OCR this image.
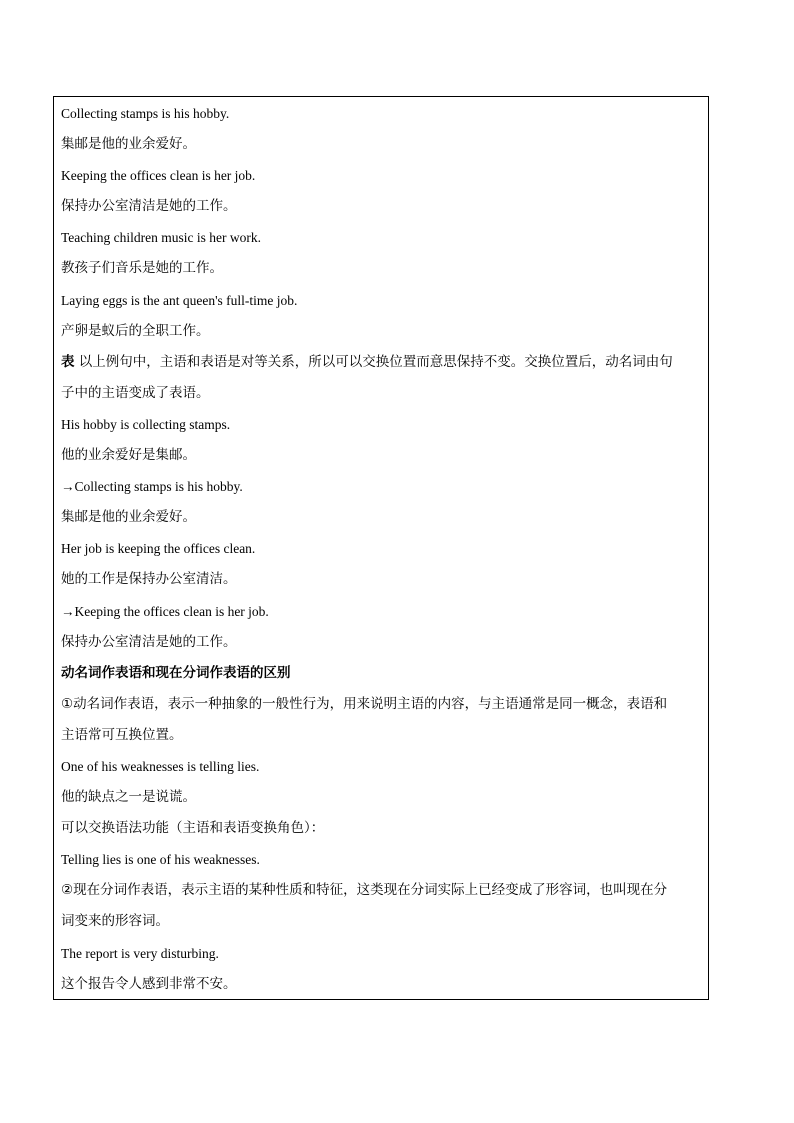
Collecting stamps is his hobby.
集邮是他的业余爱好。
Keeping the offices clean is her job.
保持办公室清洁是她的工作。
Teaching children music is her work.
教孩子们音乐是她的工作。
Laying eggs is the ant queen's full-time job.
产卵是蚁后的全职工作。
表 以上例句中，主语和表语是对等关系，所以可以交换位置而意思保持不变。交换位置后，动名词由句
子中的主语变成了表语。
His hobby is collecting stamps.
他的业余爱好是集邮。
→Collecting stamps is his hobby.
集邮是他的业余爱好。
Her job is keeping the offices clean.
她的工作是保持办公室清洁。
→Keeping the offices clean is her job.
保持办公室清洁是她的工作。
动名词作表语和现在分词作表语的区别
①动名词作表语，表示一种抽象的一般性行为，用来说明主语的内容，与主语通常是同一概念，表语和
主语常可互换位置。
One of his weaknesses is telling lies.
他的缺点之一是说谎。
可以交换语法功能（主语和表语变换角色）：
Telling lies is one of his weaknesses.
②现在分词作表语，表示主语的某种性质和特征，这类现在分词实际上已经变成了形容词，也叫现在分
词变来的形容词。
The report is very disturbing.
这个报告令人感到非常不安。
